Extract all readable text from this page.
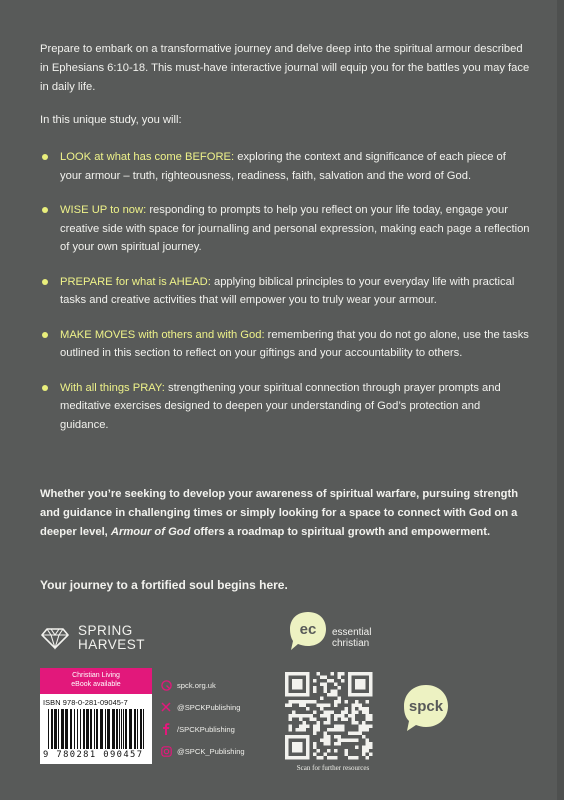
Prepare to embark on a transformative journey and delve deep into the spiritual armour described in Ephesians 6:10-18. This must-have interactive journal will equip you for the battles you may face in daily life.

In this unique study, you will:

LOOK at what has come BEFORE: exploring the context and significance of each piece of your armour – truth, righteousness, readiness, faith, salvation and the word of God.
WISE UP to now: responding to prompts to help you reflect on your life today, engage your creative side with space for journalling and personal expression, making each page a reflection of your own spiritual journey.
PREPARE for what is AHEAD: applying biblical principles to your everyday life with practical tasks and creative activities that will empower you to truly wear your armour.
MAKE MOVES with others and with God: remembering that you do not go alone, use the tasks outlined in this section to reflect on your giftings and your accountability to others.
With all things PRAY: strengthening your spiritual connection through prayer prompts and meditative exercises designed to deepen your understanding of God’s protection and guidance.

Whether you’re seeking to develop your awareness of spiritual warfare, pursuing strength and guidance in challenging times or simply looking for a space to connect with God on a deeper level, Armour of God offers a roadmap to spiritual growth and empowerment.

Your journey to a fortified soul begins here.

SPRING
HARVEST
ec essential
christian
Christian Living
eBook available
ISBN 978-0-281-09045-7
9 780281 090457
spck.org.uk
@SPCKPublishing
/SPCKPublishing
@SPCK_Publishing
Scan for further resources
spck
